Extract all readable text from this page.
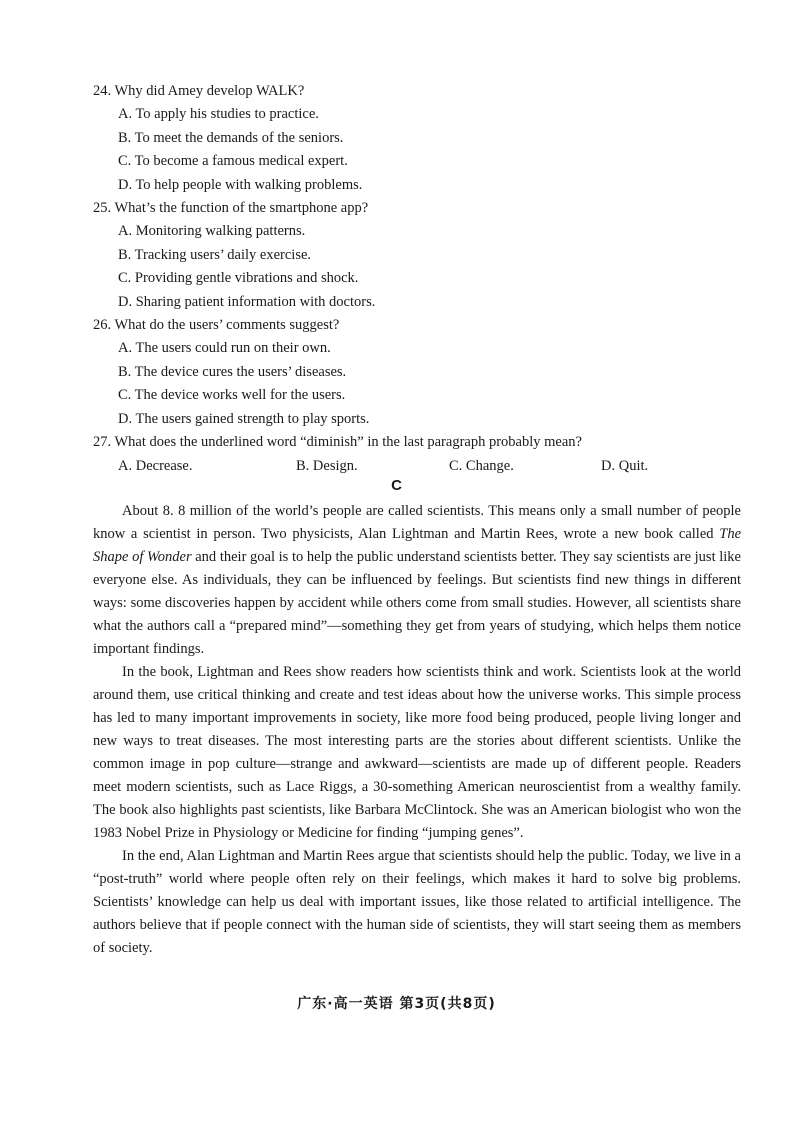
24. Why did Amey develop WALK?
A. To apply his studies to practice.
B. To meet the demands of the seniors.
C. To become a famous medical expert.
D. To help people with walking problems.
25. What’s the function of the smartphone app?
A. Monitoring walking patterns.
B. Tracking users’ daily exercise.
C. Providing gentle vibrations and shock.
D. Sharing patient information with doctors.
26. What do the users’ comments suggest?
A. The users could run on their own.
B. The device cures the users’ diseases.
C. The device works well for the users.
D. The users gained strength to play sports.
27. What does the underlined word “diminish” in the last paragraph probably mean?
A. Decrease.	B. Design.	C. Change.	D. Quit.
C

About 8. 8 million of the world’s people are called scientists. This means only a small number of people know a scientist in person. Two physicists, Alan Lightman and Martin Rees, wrote a new book called The Shape of Wonder and their goal is to help the public understand scientists better. They say scientists are just like everyone else. As individuals, they can be influenced by feelings. But scientists find new things in different ways: some discoveries happen by accident while others come from small studies. However, all scientists share what the authors call a “prepared mind”—something they get from years of studying, which helps them notice important findings.

In the book, Lightman and Rees show readers how scientists think and work. Scientists look at the world around them, use critical thinking and create and test ideas about how the universe works. This simple process has led to many important improvements in society, like more food being produced, people living longer and new ways to treat diseases. The most interesting parts are the stories about different scientists. Unlike the common image in pop culture—strange and awkward—scientists are made up of different people. Readers meet modern scientists, such as Lace Riggs, a 30-something American neuroscientist from a wealthy family. The book also highlights past scientists, like Barbara McClintock. She was an American biologist who won the 1983 Nobel Prize in Physiology or Medicine for finding “jumping genes”.

In the end, Alan Lightman and Martin Rees argue that scientists should help the public. Today, we live in a “post-truth” world where people often rely on their feelings, which makes it hard to solve big problems. Scientists’ knowledge can help us deal with important issues, like those related to artificial intelligence. The authors believe that if people connect with the human side of scientists, they will start seeing them as members of society.

广东·高一英语 第3页(共8页)
